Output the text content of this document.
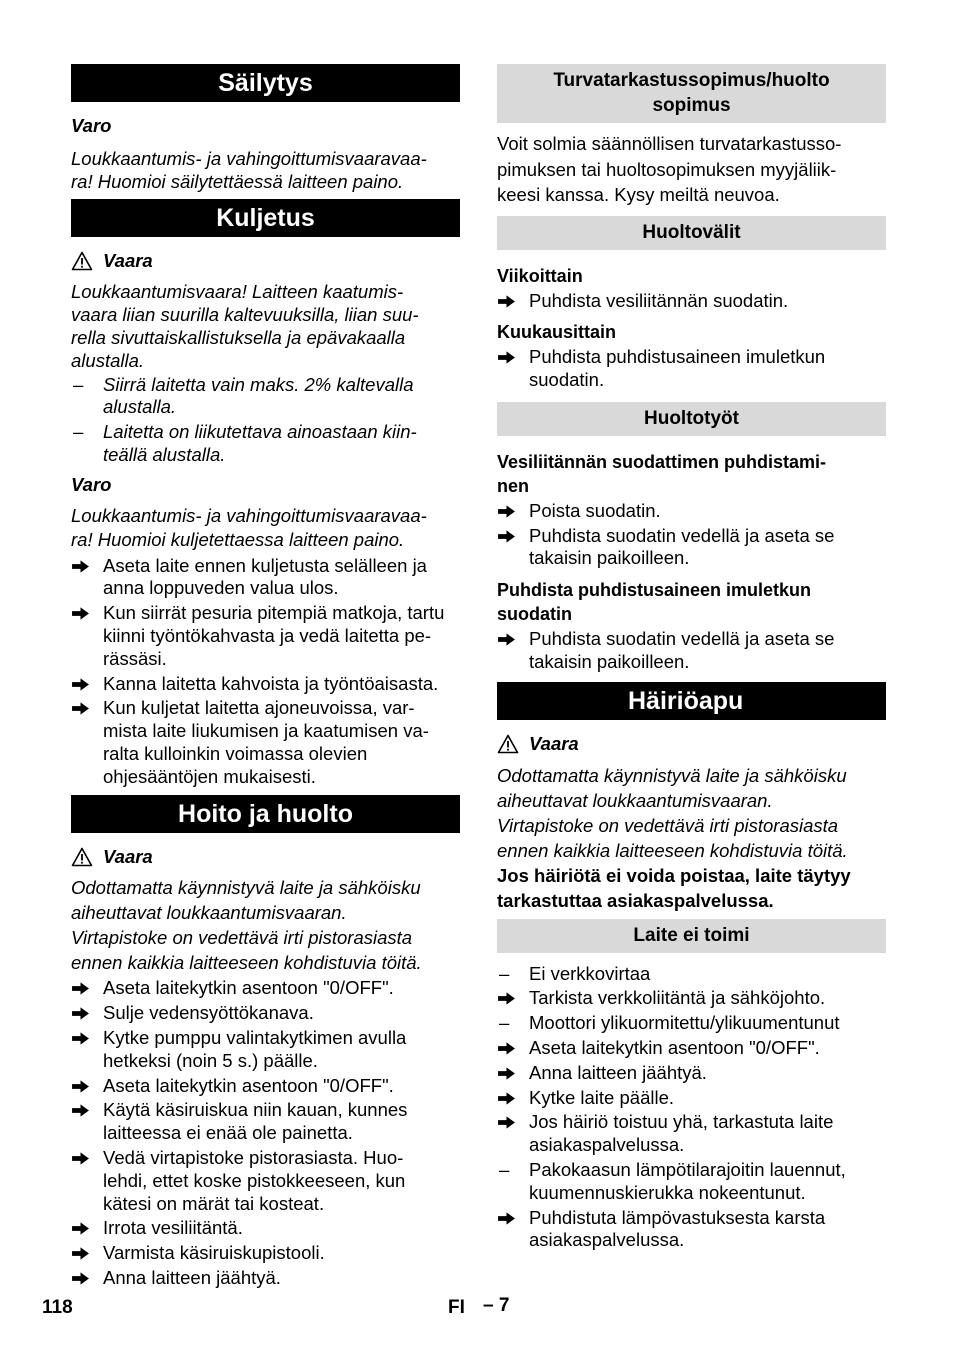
Säilytys
Varo
Loukkaantumis- ja vahingoittumisvaaravaa-
ra! Huomioi säilytettäessä laitteen paino.
Kuljetus
Vaara
Loukkaantumisvaara! Laitteen kaatumis-
vaara liian suurilla kaltevuuksilla, liian suu-
rella sivuttaiskallistuksella ja epävakaalla
alustalla.
–	Siirrä laitetta vain maks. 2% kaltevalla
alustalla.
–	Laitetta on liikutettava ainoastaan kiin-
teällä alustalla.
Varo
Loukkaantumis- ja vahingoittumisvaaravaa-
ra! Huomioi kuljetettaessa laitteen paino.
Aseta laite ennen kuljetusta selälleen ja
anna loppuveden valua ulos.
Kun siirrät pesuria pitempiä matkoja, tartu
kiinni työntökahvasta ja vedä laitetta pe-
rässäsi.
Kanna laitetta kahvoista ja työntöaisasta.
Kun kuljetat laitetta ajoneuvoissa, var-
mista laite liukumisen ja kaatumisen va-
ralta kulloinkin voimassa olevien
ohjesääntöjen mukaisesti.
Hoito ja huolto
Vaara
Odottamatta käynnistyvä laite ja sähköisku
aiheuttavat loukkaantumisvaaran.
Virtapistoke on vedettävä irti pistorasiasta
ennen kaikkia laitteeseen kohdistuvia töitä.
Aseta laitekytkin asentoon "0/OFF".
Sulje vedensyöttökanava.
Kytke pumppu valintakytkimen avulla
hetkeksi (noin 5 s.) päälle.
Aseta laitekytkin asentoon "0/OFF".
Käytä käsiruiskua niin kauan, kunnes
laitteessa ei enää ole painetta.
Vedä virtapistoke pistorasiasta. Huo-
lehdi, ettet koske pistokkeeseen, kun
kätesi on märät tai kosteat.
Irrota vesiliitäntä.
Varmista käsiruiskupistooli.
Anna laitteen jäähtyä.
Turvatarkastussopimus/huolto
sopimus
Voit solmia säännöllisen turvatarkastusso-
pimuksen tai huoltosopimuksen myyjäliik-
keesi kanssa. Kysy meiltä neuvoa.
Huoltovälit
Viikoittain
Puhdista vesiliitännän suodatin.
Kuukausittain
Puhdista puhdistusaineen imuletkun
suodatin.
Huoltotyöt
Vesiliitännän suodattimen puhdistami-
nen
Poista suodatin.
Puhdista suodatin vedellä ja aseta se
takaisin paikoilleen.
Puhdista puhdistusaineen imuletkun
suodatin
Puhdista suodatin vedellä ja aseta se
takaisin paikoilleen.
Häiriöapu
Vaara
Odottamatta käynnistyvä laite ja sähköisku
aiheuttavat loukkaantumisvaaran.
Virtapistoke on vedettävä irti pistorasiasta
ennen kaikkia laitteeseen kohdistuvia töitä.
Jos häiriötä ei voida poistaa, laite täytyy
tarkastuttaa asiakaspalvelussa.
Laite ei toimi
–	Ei verkkovirtaa
Tarkista verkkoliitäntä ja sähköjohto.
–	Moottori ylikuormitettu/ylikuumentunut
Aseta laitekytkin asentoon "0/OFF".
Anna laitteen jäähtyä.
Kytke laite päälle.
Jos häiriö toistuu yhä, tarkastuta laite
asiakaspalvelussa.
–	Pakokaasun lämpötilarajoitin lauennut,
kuumennuskierukka nokeentunut.
Puhdistuta lämpövastuksesta karsta
asiakaspalvelussa.
118	FI – 7
